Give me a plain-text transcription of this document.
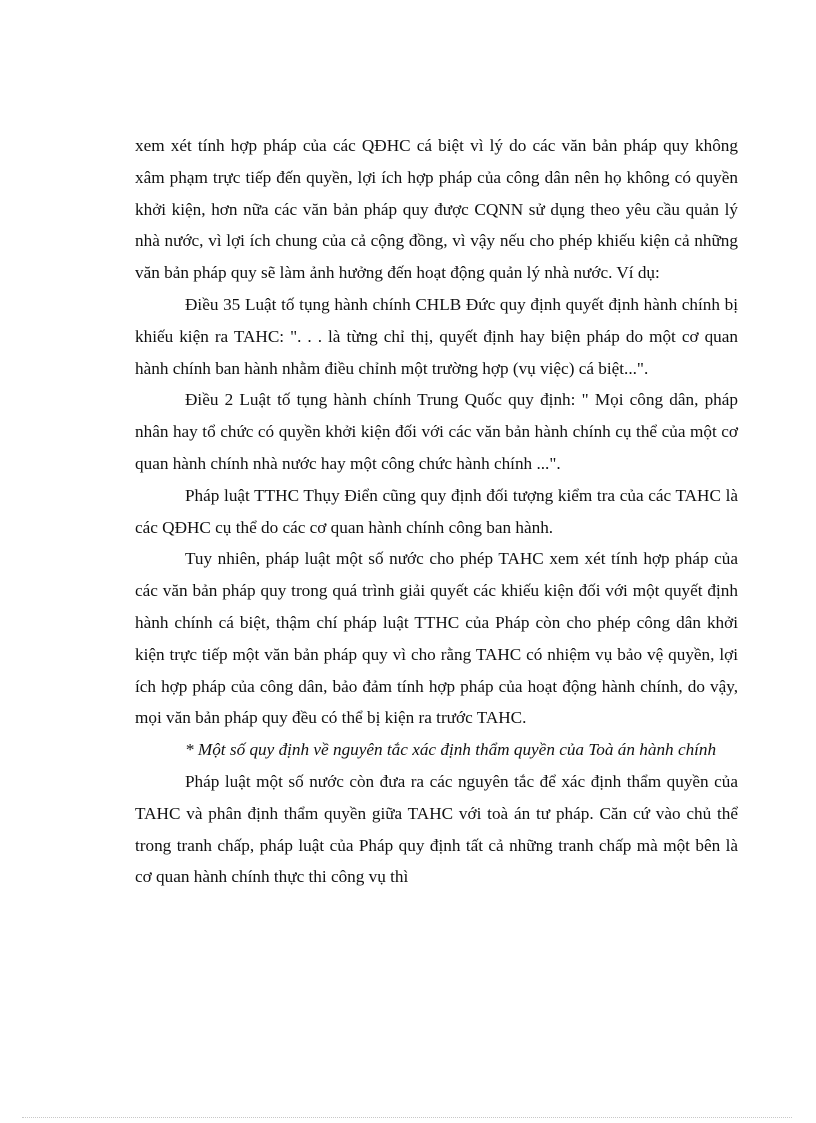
xem xét tính hợp pháp của các QĐHC cá biệt vì lý do các văn bản pháp quy không xâm phạm trực tiếp đến quyền, lợi ích hợp pháp của công dân nên họ không có quyền khởi kiện, hơn nữa các văn bản pháp quy được CQNN sử dụng theo yêu cầu quản lý nhà nước, vì lợi ích chung của cả cộng đồng, vì vậy nếu cho phép khiếu kiện cả những văn bản pháp quy sẽ làm ảnh hưởng đến hoạt động quản lý nhà nước. Ví dụ:

Điều 35 Luật tố tụng hành chính CHLB Đức quy định quyết định hành chính bị khiếu kiện ra TAHC: ". . . là từng chỉ thị, quyết định hay biện pháp do một cơ quan hành chính ban hành nhằm điều chỉnh một trường hợp (vụ việc) cá biệt...".

Điều 2 Luật tố tụng hành chính Trung Quốc quy định: " Mọi công dân, pháp nhân hay tổ chức có quyền khởi kiện đối với các văn bản hành chính cụ thể của một cơ quan hành chính nhà nước hay một công chức hành chính ...".

Pháp luật TTHC Thụy Điển cũng quy định đối tượng kiểm tra của các TAHC là các QĐHC cụ thể do các cơ quan hành chính công ban hành.

Tuy nhiên, pháp luật một số nước cho phép TAHC xem xét tính hợp pháp của các văn bản pháp quy trong quá trình giải quyết các khiếu kiện đối với một quyết định hành chính cá biệt, thậm chí pháp luật TTHC của Pháp còn cho phép công dân khởi kiện trực tiếp một văn bản pháp quy vì cho rằng TAHC có nhiệm vụ bảo vệ quyền, lợi ích hợp pháp của công dân, bảo đảm tính hợp pháp của hoạt động hành chính, do vậy, mọi văn bản pháp quy đều có thể bị kiện ra trước TAHC.

* Một số quy định về nguyên tắc xác định thẩm quyền của Toà án hành chính

Pháp luật một số nước còn đưa ra các nguyên tắc để xác định thẩm quyền của TAHC và phân định thẩm quyền giữa TAHC với toà án tư pháp. Căn cứ vào chủ thể trong tranh chấp, pháp luật của Pháp quy định tất cả những tranh chấp mà một bên là cơ quan hành chính thực thi công vụ thì
